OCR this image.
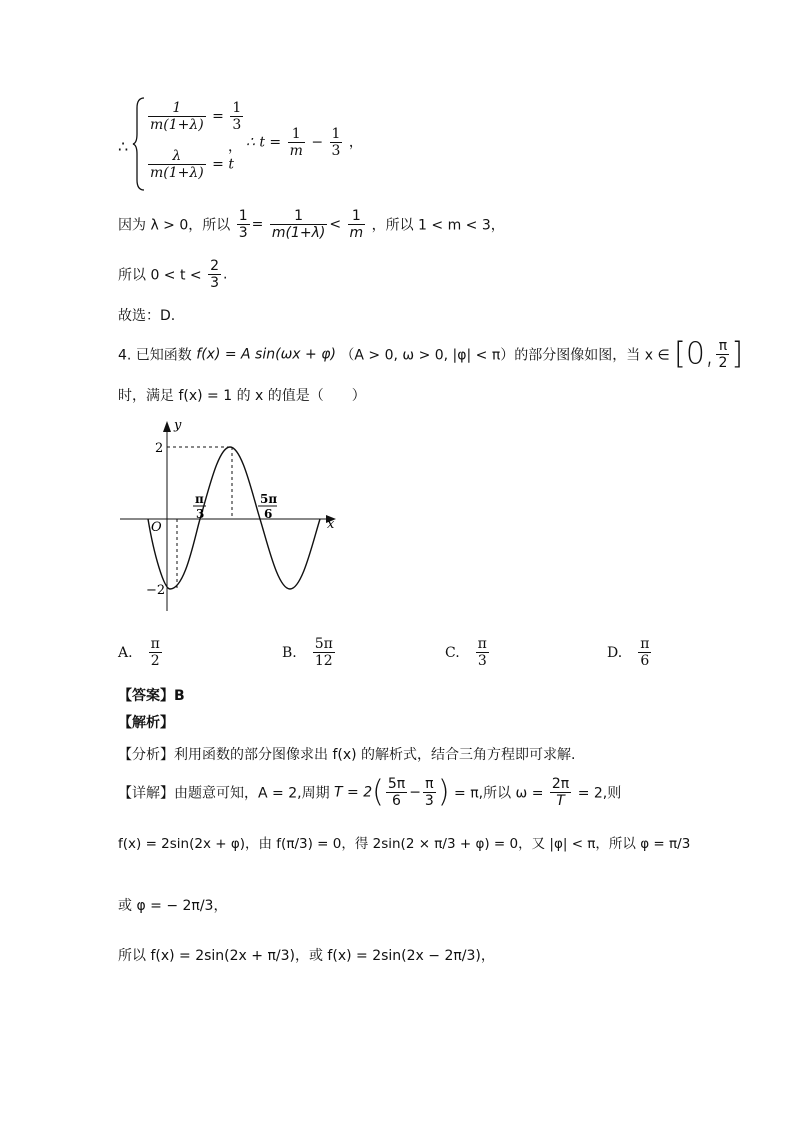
∴
$\frac{1}{m(1+\lambda)} = \frac{1}{3}$
$\frac{\lambda}{m(1+\lambda)} = t$
， ∴ $t = \frac{1}{m} - \frac{1}{3}$ ，
因为 λ > 0，所以 $\frac{1}{3} = \frac{1}{m(1+\lambda)} < \frac{1}{m}$ ，所以 1 < m < 3，
所以 $0 < t < \frac{2}{3}$ .
故选：D.
4. 已知函数 f(x) = A sin(ωx + φ) （A > 0, ω > 0, |φ| < π）的部分图像如图，当 x ∈ [0, $\frac{\pi}{2}$ ]
时，满足 f(x) = 1 的 x 的值是（　　）
y
x
O
2
−2
π
3
5π
6
A. $\frac{\pi}{2}$	B. $\frac{5\pi}{12}$	C. $\frac{\pi}{3}$	D. $\frac{\pi}{6}$
【答案】B
【解析】
【分析】利用函数的部分图像求出 f(x) 的解析式，结合三角方程即可求解.
【详解】由题意可知，A = 2,周期 $T = 2( \frac{5\pi}{6} - \frac{\pi}{3}$ ) = π,所以 $\omega = \frac{2\pi}{T} = 2$,则
f(x) = 2sin(2x + φ)，由 f(π/3) = 0，得 2sin(2 × π/3 + φ) = 0，又 |φ| < π，所以 φ = π/3
或 φ = − 2π/3，
所以 f(x) = 2sin(2x + π/3)，或 f(x) = 2sin(2x − 2π/3)，
